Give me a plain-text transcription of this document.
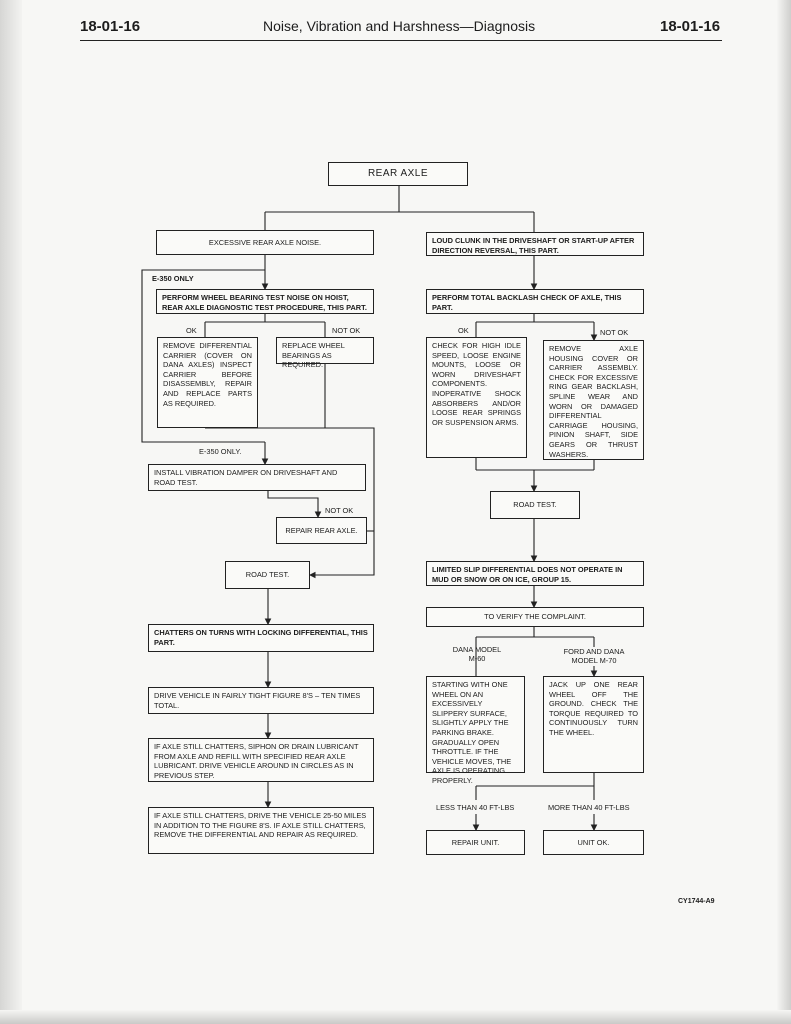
18-01-16	Noise, Vibration and Harshness—Diagnosis	18-01-16
REAR AXLE
EXCESSIVE REAR AXLE NOISE.	LOUD CLUNK IN THE DRIVESHAFT OR START-UP AFTER DIRECTION REVERSAL, THIS PART.
E-350 ONLY
PERFORM WHEEL BEARING TEST NOISE ON HOIST, REAR AXLE DIAGNOSTIC TEST PROCEDURE, THIS PART.
PERFORM TOTAL BACKLASH CHECK OF AXLE, THIS PART.
OK	NOT OK	OK	NOT OK
REMOVE DIFFERENTIAL CARRIER (COVER ON DANA AXLES) INSPECT CARRIER BEFORE DISASSEMBLY, REPAIR AND REPLACE PARTS AS REQUIRED.
REPLACE WHEEL BEARINGS AS REQUIRED.
CHECK FOR HIGH IDLE SPEED, LOOSE ENGINE MOUNTS, LOOSE OR WORN DRIVESHAFT COMPONENTS. INOPERATIVE SHOCK ABSORBERS AND/OR LOOSE REAR SPRINGS OR SUSPENSION ARMS.
REMOVE AXLE HOUSING COVER OR CARRIER ASSEMBLY. CHECK FOR EXCESSIVE RING GEAR BACKLASH, SPLINE WEAR AND WORN OR DAMAGED DIFFERENTIAL CARRIAGE HOUSING, PINION SHAFT, SIDE GEARS OR THRUST WASHERS.
E-350 ONLY.
INSTALL VIBRATION DAMPER ON DRIVESHAFT AND ROAD TEST.
NOT OK
REPAIR REAR AXLE.
ROAD TEST.
ROAD TEST.
LIMITED SLIP DIFFERENTIAL DOES NOT OPERATE IN MUD OR SNOW OR ON ICE, GROUP 15.
TO VERIFY THE COMPLAINT.
CHATTERS ON TURNS WITH LOCKING DIFFERENTIAL, THIS PART.
DANA MODEL M-60
FORD AND DANA MODEL M-70
STARTING WITH ONE WHEEL ON AN EXCESSIVELY SLIPPERY SURFACE, SLIGHTLY APPLY THE PARKING BRAKE. GRADUALLY OPEN THROTTLE. IF THE VEHICLE MOVES, THE AXLE IS OPERATING PROPERLY.
JACK UP ONE REAR WHEEL OFF THE GROUND. CHECK THE TORQUE REQUIRED TO CONTINUOUSLY TURN THE WHEEL.
DRIVE VEHICLE IN FAIRLY TIGHT FIGURE 8'S – TEN TIMES TOTAL.
IF AXLE STILL CHATTERS, SIPHON OR DRAIN LUBRICANT FROM AXLE AND REFILL WITH SPECIFIED REAR AXLE LUBRICANT. DRIVE VEHICLE AROUND IN CIRCLES AS IN PREVIOUS STEP.
LESS THAN 40 FT-LBS	MORE THAN 40 FT-LBS
IF AXLE STILL CHATTERS, DRIVE THE VEHICLE 25-50 MILES IN ADDITION TO THE FIGURE 8'S. IF AXLE STILL CHATTERS, REMOVE THE DIFFERENTIAL AND REPAIR AS REQUIRED.
REPAIR UNIT.	UNIT OK.
CY1744-A9
